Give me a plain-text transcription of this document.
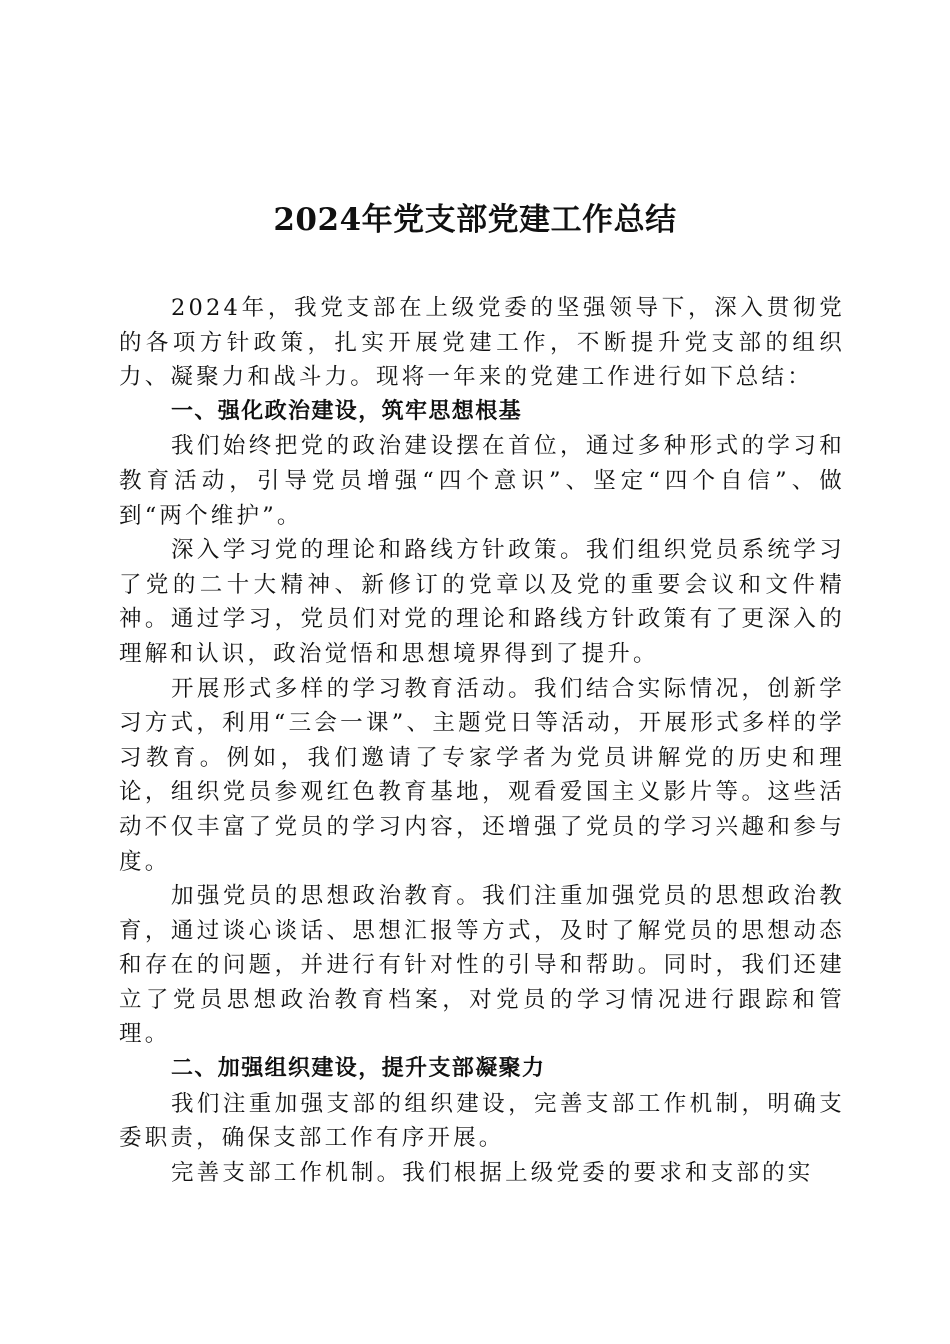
2024年党支部党建工作总结

2024年，我党支部在上级党委的坚强领导下，深入贯彻党的各项方针政策，扎实开展党建工作，不断提升党支部的组织力、凝聚力和战斗力。现将一年来的党建工作进行如下总结：

一、强化政治建设，筑牢思想根基

我们始终把党的政治建设摆在首位，通过多种形式的学习和教育活动，引导党员增强“四个意识”、坚定“四个自信”、做到“两个维护”。

深入学习党的理论和路线方针政策。我们组织党员系统学习了党的二十大精神、新修订的党章以及党的重要会议和文件精神。通过学习，党员们对党的理论和路线方针政策有了更深入的理解和认识，政治觉悟和思想境界得到了提升。

开展形式多样的学习教育活动。我们结合实际情况，创新学习方式，利用“三会一课”、主题党日等活动，开展形式多样的学习教育。例如，我们邀请了专家学者为党员讲解党的历史和理论，组织党员参观红色教育基地，观看爱国主义影片等。这些活动不仅丰富了党员的学习内容，还增强了党员的学习兴趣和参与度。

加强党员的思想政治教育。我们注重加强党员的思想政治教育，通过谈心谈话、思想汇报等方式，及时了解党员的思想动态和存在的问题，并进行有针对性的引导和帮助。同时，我们还建立了党员思想政治教育档案，对党员的学习情况进行跟踪和管理。

二、加强组织建设，提升支部凝聚力

我们注重加强支部的组织建设，完善支部工作机制，明确支委职责，确保支部工作有序开展。

完善支部工作机制。我们根据上级党委的要求和支部的实
